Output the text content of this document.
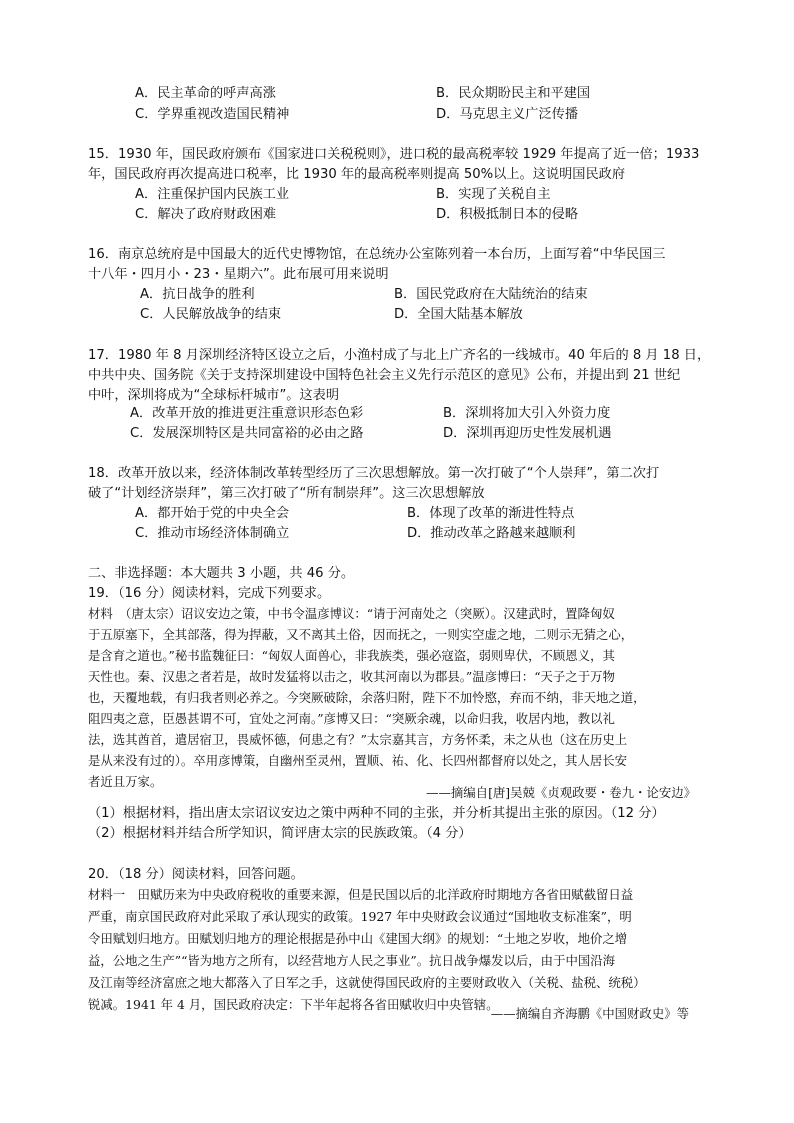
A．民主革命的呼声高涨	B．民众期盼民主和平建国
C．学界重视改造国民精神	D．马克思主义广泛传播
15．1930 年，国民政府颁布《国家进口关税税则》，进口税的最高税率较 1929 年提高了近一倍；1933
年，国民政府再次提高进口税率，比 1930 年的最高税率则提高 50%以上。这说明国民政府
A．注重保护国内民族工业	B．实现了关税自主
C．解决了政府财政困难	D．积极抵制日本的侵略
16．南京总统府是中国最大的近代史博物馆，在总统办公室陈列着一本台历，上面写着“中华民国三
十八年・四月小・23・星期六”。此布展可用来说明
A．抗日战争的胜利	B．国民党政府在大陆统治的结束
C．人民解放战争的结束	D．全国大陆基本解放
17．1980 年 8 月深圳经济特区设立之后，小渔村成了与北上广齐名的一线城市。40 年后的 8 月 18 日，
中共中央、国务院《关于支持深圳建设中国特色社会主义先行示范区的意见》公布，并提出到 21 世纪
中叶，深圳将成为“全球标杆城市”。这表明
A．改革开放的推进更注重意识形态色彩	B．深圳将加大引入外资力度
C．发展深圳特区是共同富裕的必由之路	D．深圳再迎历史性发展机遇
18．改革开放以来，经济体制改革转型经历了三次思想解放。第一次打破了“个人崇拜”，第二次打
破了“计划经济崇拜”，第三次打破了“所有制崇拜”。这三次思想解放
A．都开始于党的中央全会	B．体现了改革的渐进性特点
C．推动市场经济体制确立	D．推动改革之路越来越顺利
二、非选择题：本大题共 3 小题，共 46 分。
19．（16 分）阅读材料，完成下列要求。
材料　（唐太宗）诏议安边之策，中书令温彦博议：“请于河南处之（突厥）。汉建武时，置降匈奴
于五原塞下，全其部落，得为捍蔽，又不离其土俗，因而抚之，一则实空虚之地，二则示无猜之心，
是含育之道也。”秘书监魏征曰：“匈奴人面兽心，非我族类，强必寇盗，弱则卑伏，不顾恩义，其
天性也。秦、汉患之者若是，故时发猛将以击之，收其河南以为郡县。”温彦博曰：“天子之于万物
也，天覆地载，有归我者则必养之。今突厥破除，余落归附，陛下不加怜愍，弃而不纳，非天地之道，
阻四夷之意，臣愚甚谓不可，宜处之河南。”彦博又曰：“突厥余魂，以命归我，收居内地，教以礼
法，选其酋首，遣居宿卫，畏威怀德，何患之有？”太宗嘉其言，方务怀柔，未之从也（这在历史上
是从来没有过的）。卒用彦博策，自幽州至灵州，置顺、祐、化、长四州都督府以处之，其人居长安
者近且万家。
——摘编自[唐]吴兢《贞观政要・卷九・论安边》
（1）根据材料，指出唐太宗诏议安边之策中两种不同的主张，并分析其提出主张的原因。（12 分）
（2）根据材料并结合所学知识，简评唐太宗的民族政策。（4 分）
20．（18 分）阅读材料，回答问题。
材料一　田赋历来为中央政府税收的重要来源，但是民国以后的北洋政府时期地方各省田赋截留日益
严重，南京国民政府对此采取了承认现实的政策。1927 年中央财政会议通过“国地收支标准案”，明
令田赋划归地方。田赋划归地方的理论根据是孙中山《建国大纲》的规划：“土地之岁收，地价之增
益，公地之生产”“皆为地方之所有，以经营地方人民之事业”。抗日战争爆发以后，由于中国沿海
及江南等经济富庶之地大都落入了日军之手，这就使得国民政府的主要财政收入（关税、盐税、统税）
锐减。1941 年 4 月，国民政府决定：下半年起将各省田赋收归中央管辖。
——摘编自齐海鹏《中国财政史》等
